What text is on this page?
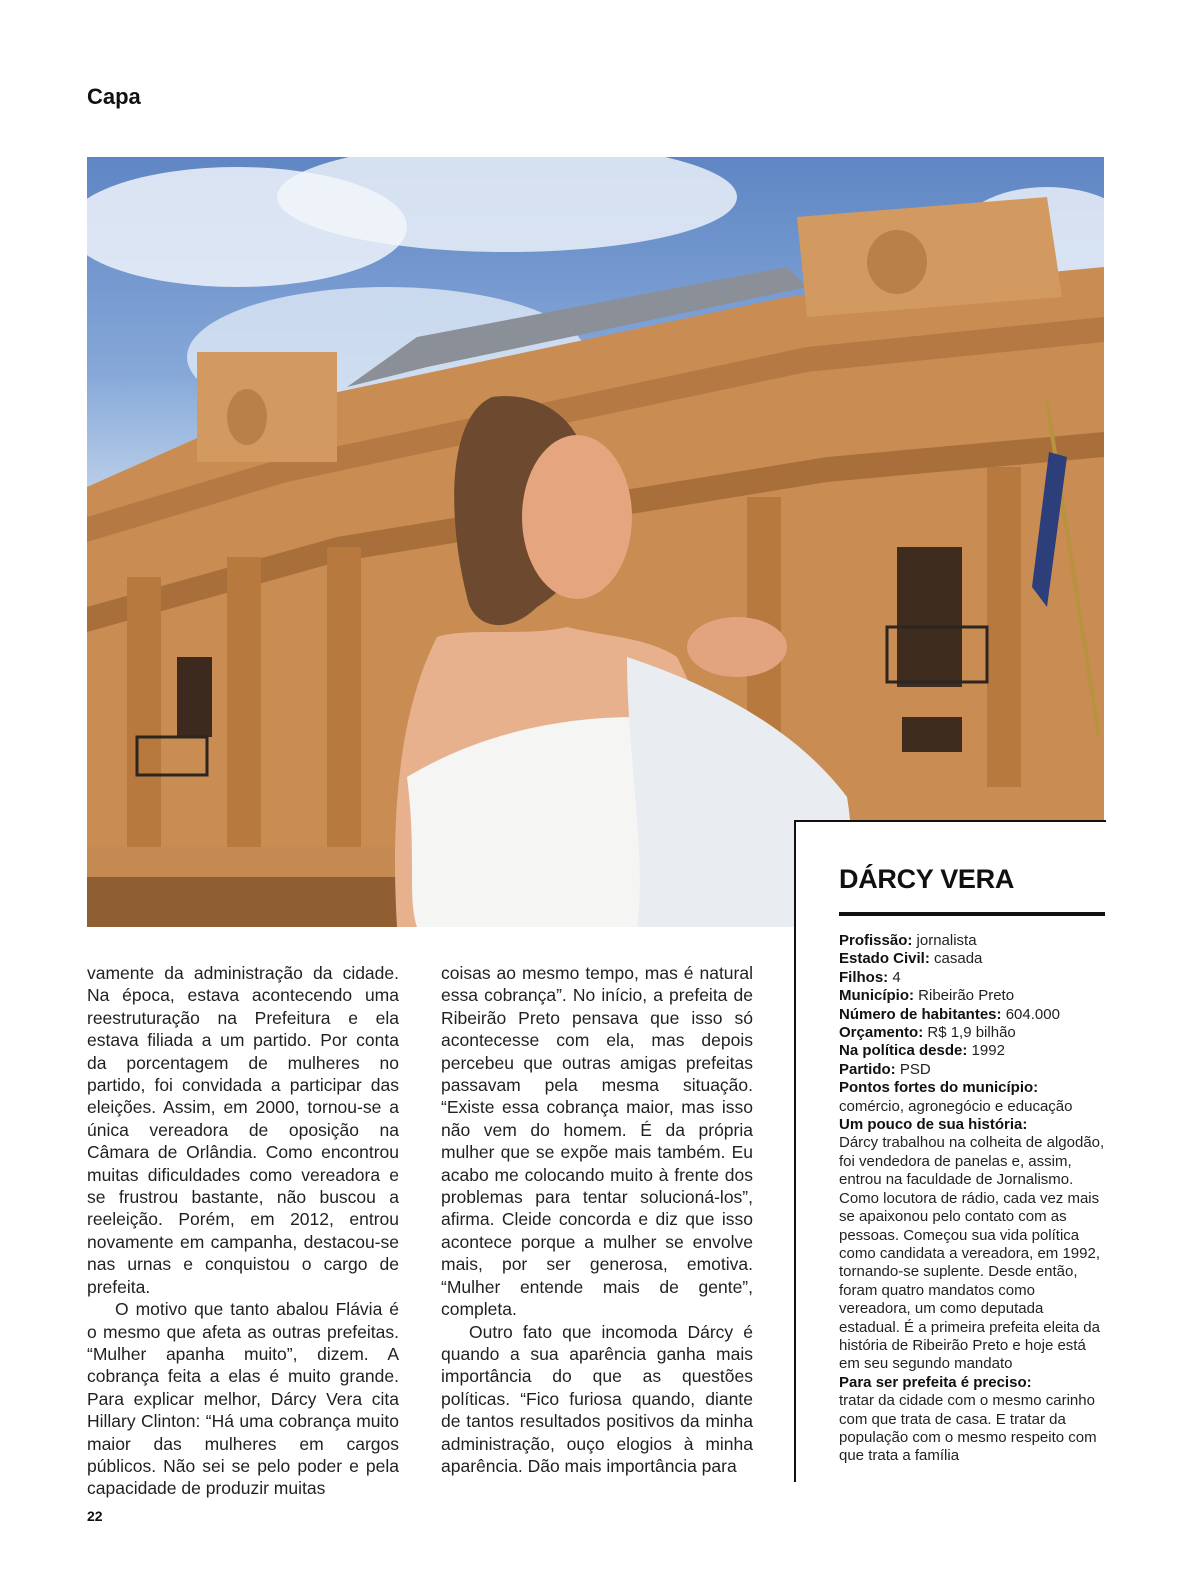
Capa

vamente da administração da cidade. Na época, estava acontecendo uma reestruturação na Prefeitura e ela estava filiada a um partido. Por conta da porcentagem de mulheres no partido, foi convidada a participar das eleições. Assim, em 2000, tornou-se a única vereadora de oposição na Câmara de Orlândia. Como encontrou muitas dificuldades como vereadora e se frustrou bastante, não buscou a reeleição. Porém, em 2012, entrou novamente em campanha, destacou-se nas urnas e conquistou o cargo de prefeita.

O motivo que tanto abalou Flávia é o mesmo que afeta as outras prefeitas. “Mulher apanha muito”, dizem. A cobrança feita a elas é muito grande. Para explicar melhor, Dárcy Vera cita Hillary Clinton: “Há uma cobrança muito maior das mulheres em cargos públicos. Não sei se pelo poder e pela capacidade de produzir muitas

coisas ao mesmo tempo, mas é natural essa cobrança”. No início, a prefeita de Ribeirão Preto pensava que isso só acontecesse com ela, mas depois percebeu que outras amigas prefeitas passavam pela mesma situação. “Existe essa cobrança maior, mas isso não vem do homem. É da própria mulher que se expõe mais também. Eu acabo me colocando muito à frente dos problemas para tentar solucioná-los”, afirma. Cleide concorda e diz que isso acontece porque a mulher se envolve mais, por ser generosa, emotiva. “Mulher entende mais de gente”, completa.

Outro fato que incomoda Dárcy é quando a sua aparência ganha mais importância do que as questões políticas. “Fico furiosa quando, diante de tantos resultados positivos da minha administração, ouço elogios à minha aparência. Dão mais importância para

DÁRCY VERA
Profissão: jornalista
Estado Civil: casada
Filhos: 4
Município: Ribeirão Preto
Número de habitantes: 604.000
Orçamento: R$ 1,9 bilhão
Na política desde: 1992
Partido: PSD
Pontos fortes do município:
comércio, agronegócio e educação
Um pouco de sua história:
Dárcy trabalhou na colheita de algodão, foi vendedora de panelas e, assim, entrou na faculdade de Jornalismo. Como locutora de rádio, cada vez mais se apaixonou pelo contato com as pessoas. Começou sua vida política como candidata a vereadora, em 1992, tornando-se suplente. Desde então, foram quatro mandatos como vereadora, um como deputada estadual. É a primeira prefeita eleita da história de Ribeirão Preto e hoje está em seu segundo mandato
Para ser prefeita é preciso:
tratar da cidade com o mesmo carinho com que trata de casa. E tratar da população com o mesmo respeito com que trata a família
22
